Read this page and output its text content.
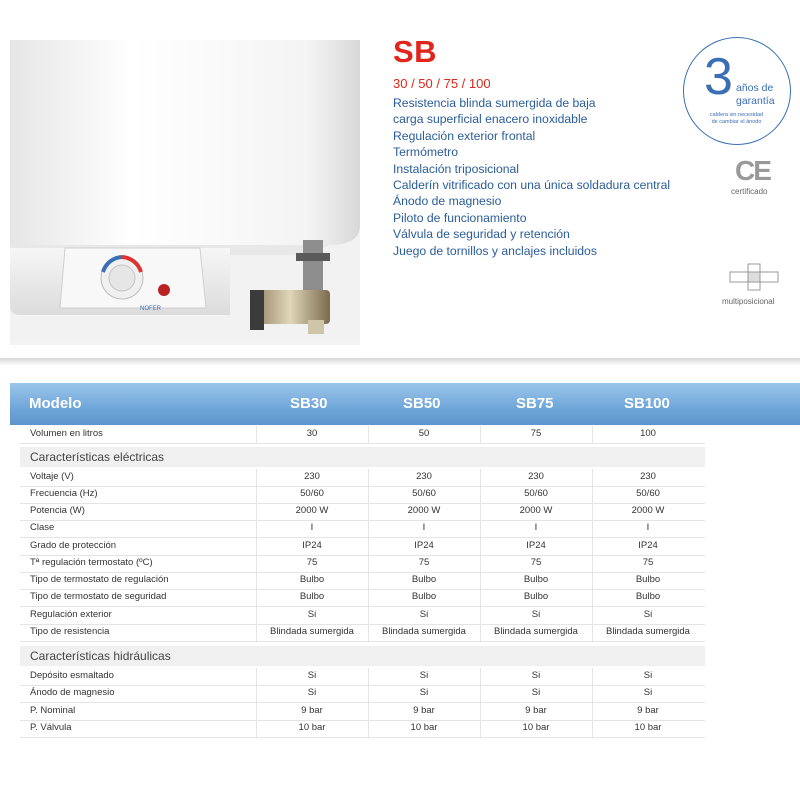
NOFER
SB
30 / 50 / 75 / 100
Resistencia blinda sumergida de baja
carga superficial enacero inoxidable
Regulación exterior frontal
Termómetro
Instalación triposicional
Calderín vitrificado con una única soldadura central
Ánodo de magnesio
Piloto de funcionamiento
Válvula de seguridad y retención
Juego de tornillos y anclajes incluidos
3 años de
garantía
caldera sin necesidad
de cambiar el ánodo
CE
certificado
multiposicional
Modelo	SB30	SB50	SB75	SB100
Volumen en litros	30	50	75	100
Características eléctricas
Voltaje (V)	230	230	230	230
Frecuencia (Hz)	50/60	50/60	50/60	50/60
Potencia (W)	2000 W	2000 W	2000 W	2000 W
Clase	I	I	I	I
Grado de protección	IP24	IP24	IP24	IP24
Tª regulación termostato (ºC)	75	75	75	75
Tipo de termostato de regulación	Bulbo	Bulbo	Bulbo	Bulbo
Tipo de termostato de seguridad	Bulbo	Bulbo	Bulbo	Bulbo
Regulación exterior	Si	Si	Si	Si
Tipo de resistencia	Blindada sumergida	Blindada sumergida	Blindada sumergida	Blindada sumergida
Características hidráulicas
Depósito esmaltado	Si	Si	Si	Si
Ánodo de magnesio	Si	Si	Si	Si
P. Nominal	9 bar	9 bar	9 bar	9 bar
P. Válvula	10 bar	10 bar	10 bar	10 bar
